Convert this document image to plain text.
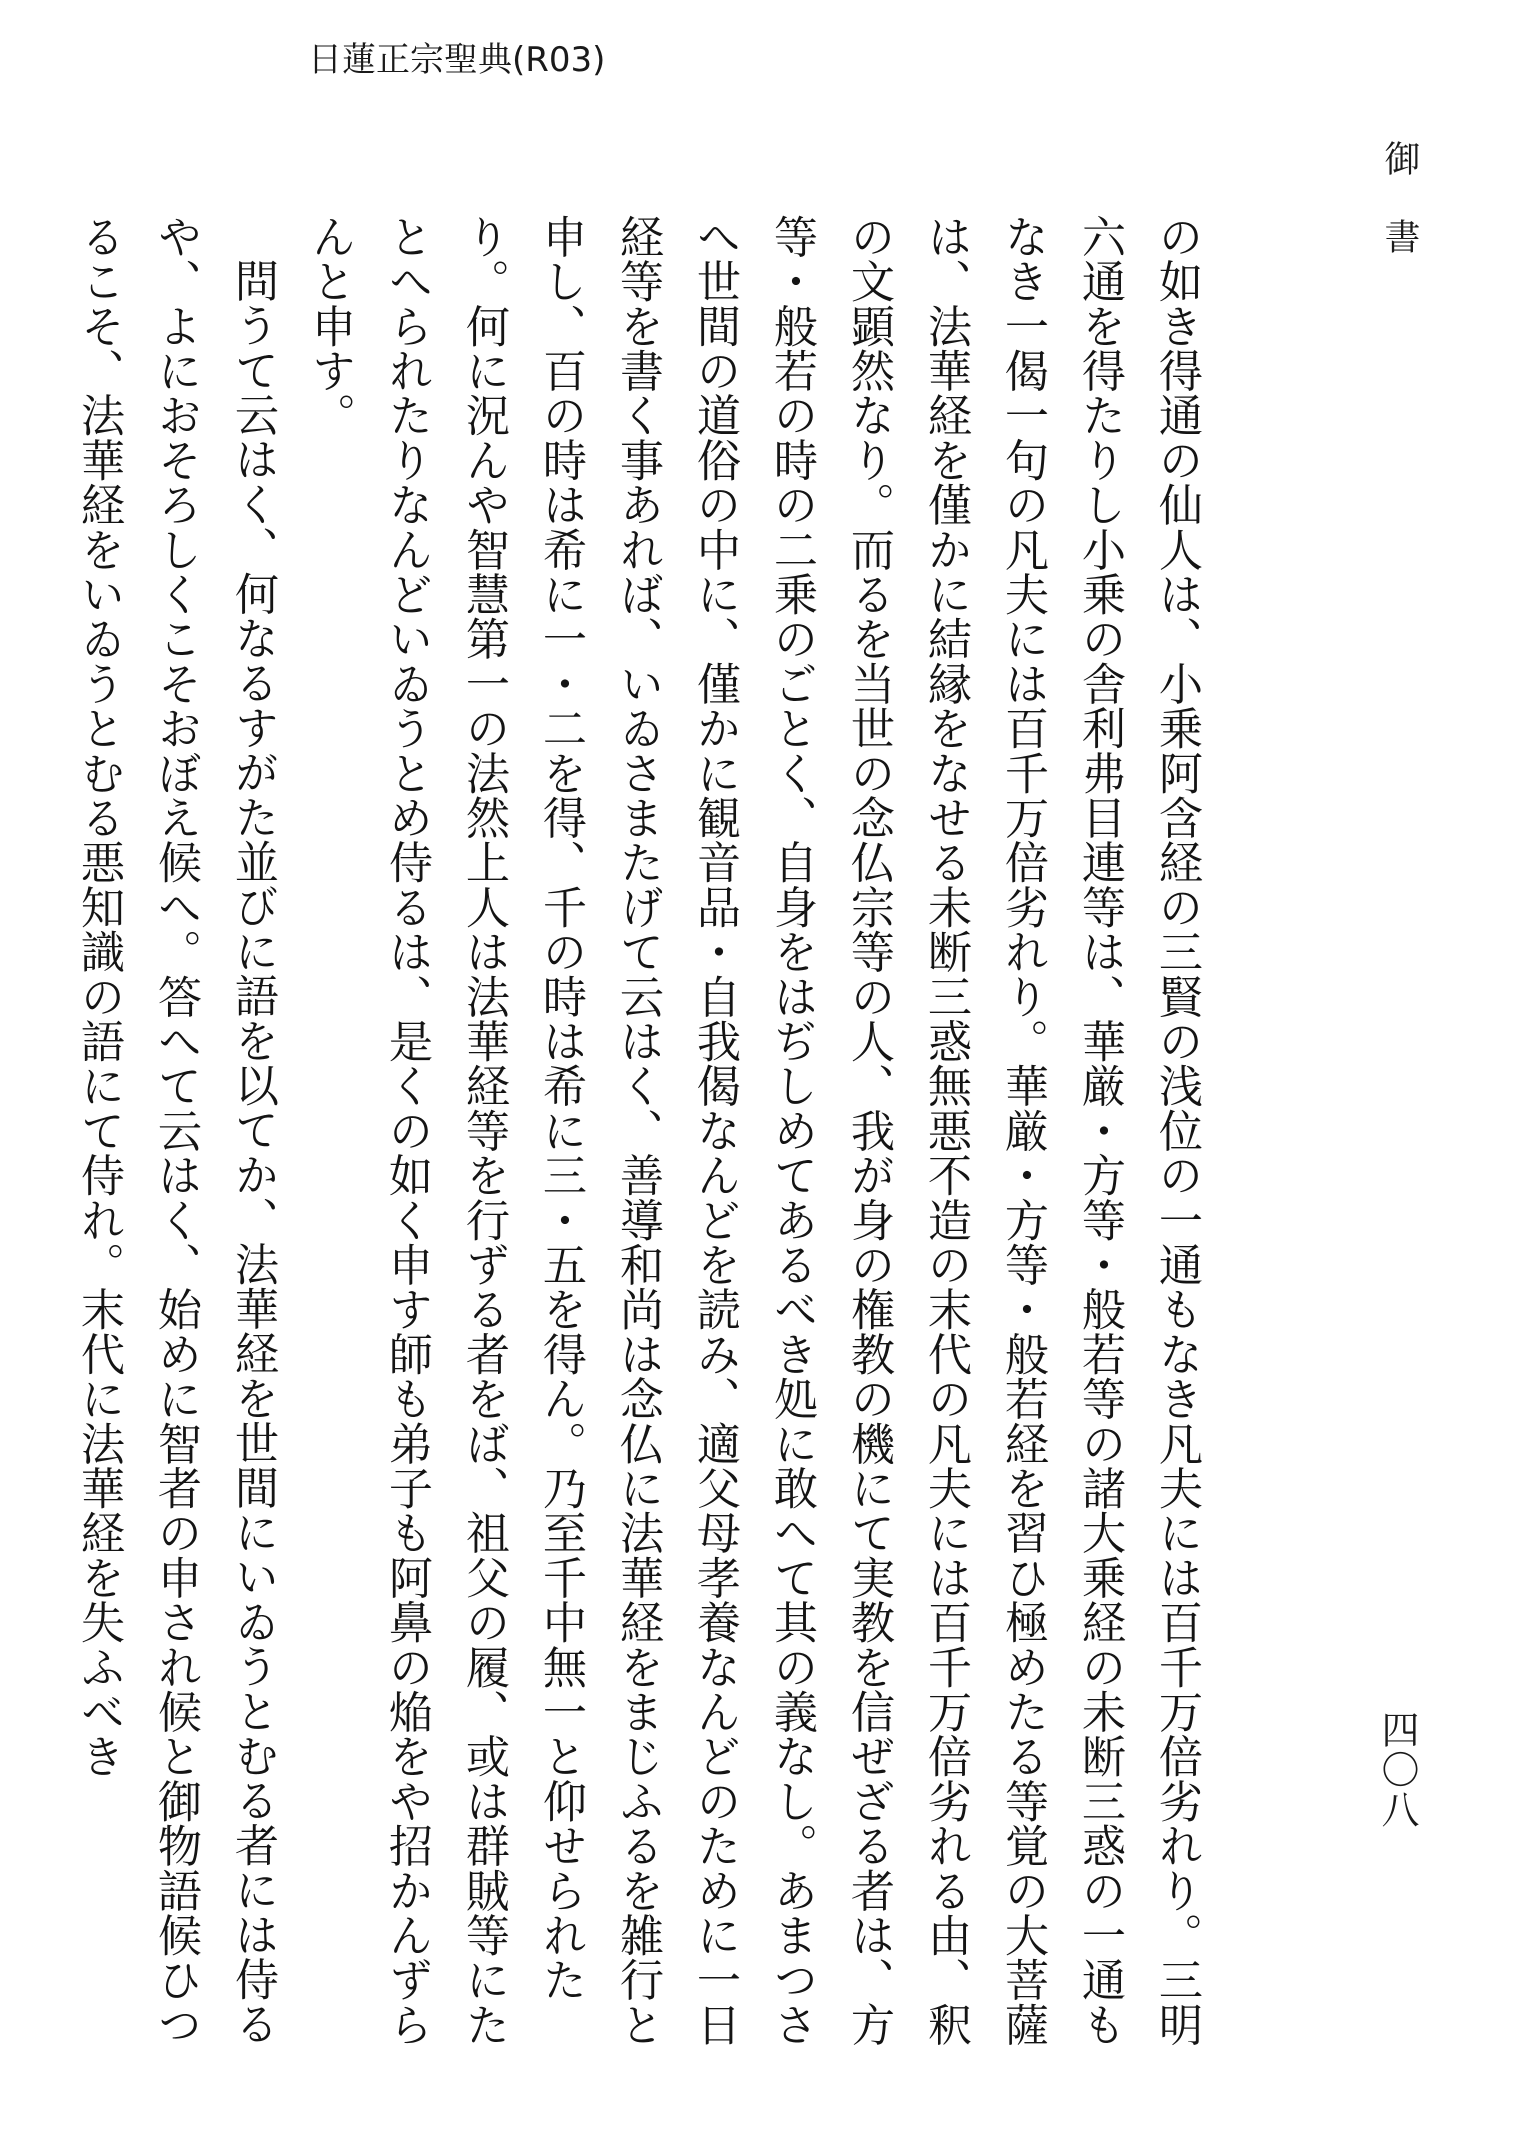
日蓮正宗聖典(R03)
御書
四〇八

の如き得通の仙人は、小乗阿含経の三賢の浅位の一通もなき凡夫には百千万倍劣れり。三明六通を得たりし小乗の舎利弗目連等は、華厳・方等・般若等の諸大乗経の未断三惑の一通もなき一偈一句の凡夫には百千万倍劣れり。華厳・方等・般若経を習ひ極めたる等覚の大菩薩は、法華経を僅かに結縁をなせる未断三惑無悪不造の末代の凡夫には百千万倍劣れる由、釈の文顕然なり。而るを当世の念仏宗等の人、我が身の権教の機にて実教を信ぜざる者は、方等・般若の時の二乗のごとく、自身をはぢしめてあるべき処に敢へて其の義なし。あまつさへ世間の道俗の中に、僅かに観音品・自我偈なんどを読み、適父母孝養なんどのために一日経等を書く事あれば、いゐさまたげて云はく、善導和尚は念仏に法華経をまじふるを雑行と申し、百の時は希に一・二を得、千の時は希に三・五を得ん。乃至千中無一と仰せられたり。何に況んや智慧第一の法然上人は法華経等を行ずる者をば、祖父の履、或は群賊等にたとへられたりなんどいゐうとめ侍るは、是くの如く申す師も弟子も阿鼻の焔をや招かんずらんと申す。

問うて云はく、何なるすがた並びに語を以てか、法華経を世間にいゐうとむる者には侍るや、よにおそろしくこそおぼえ候へ。答へて云はく、始めに智者の申され候と御物語候ひつるこそ、法華経をいゐうとむる悪知識の語にて侍れ。末代に法華経を失ふべき
